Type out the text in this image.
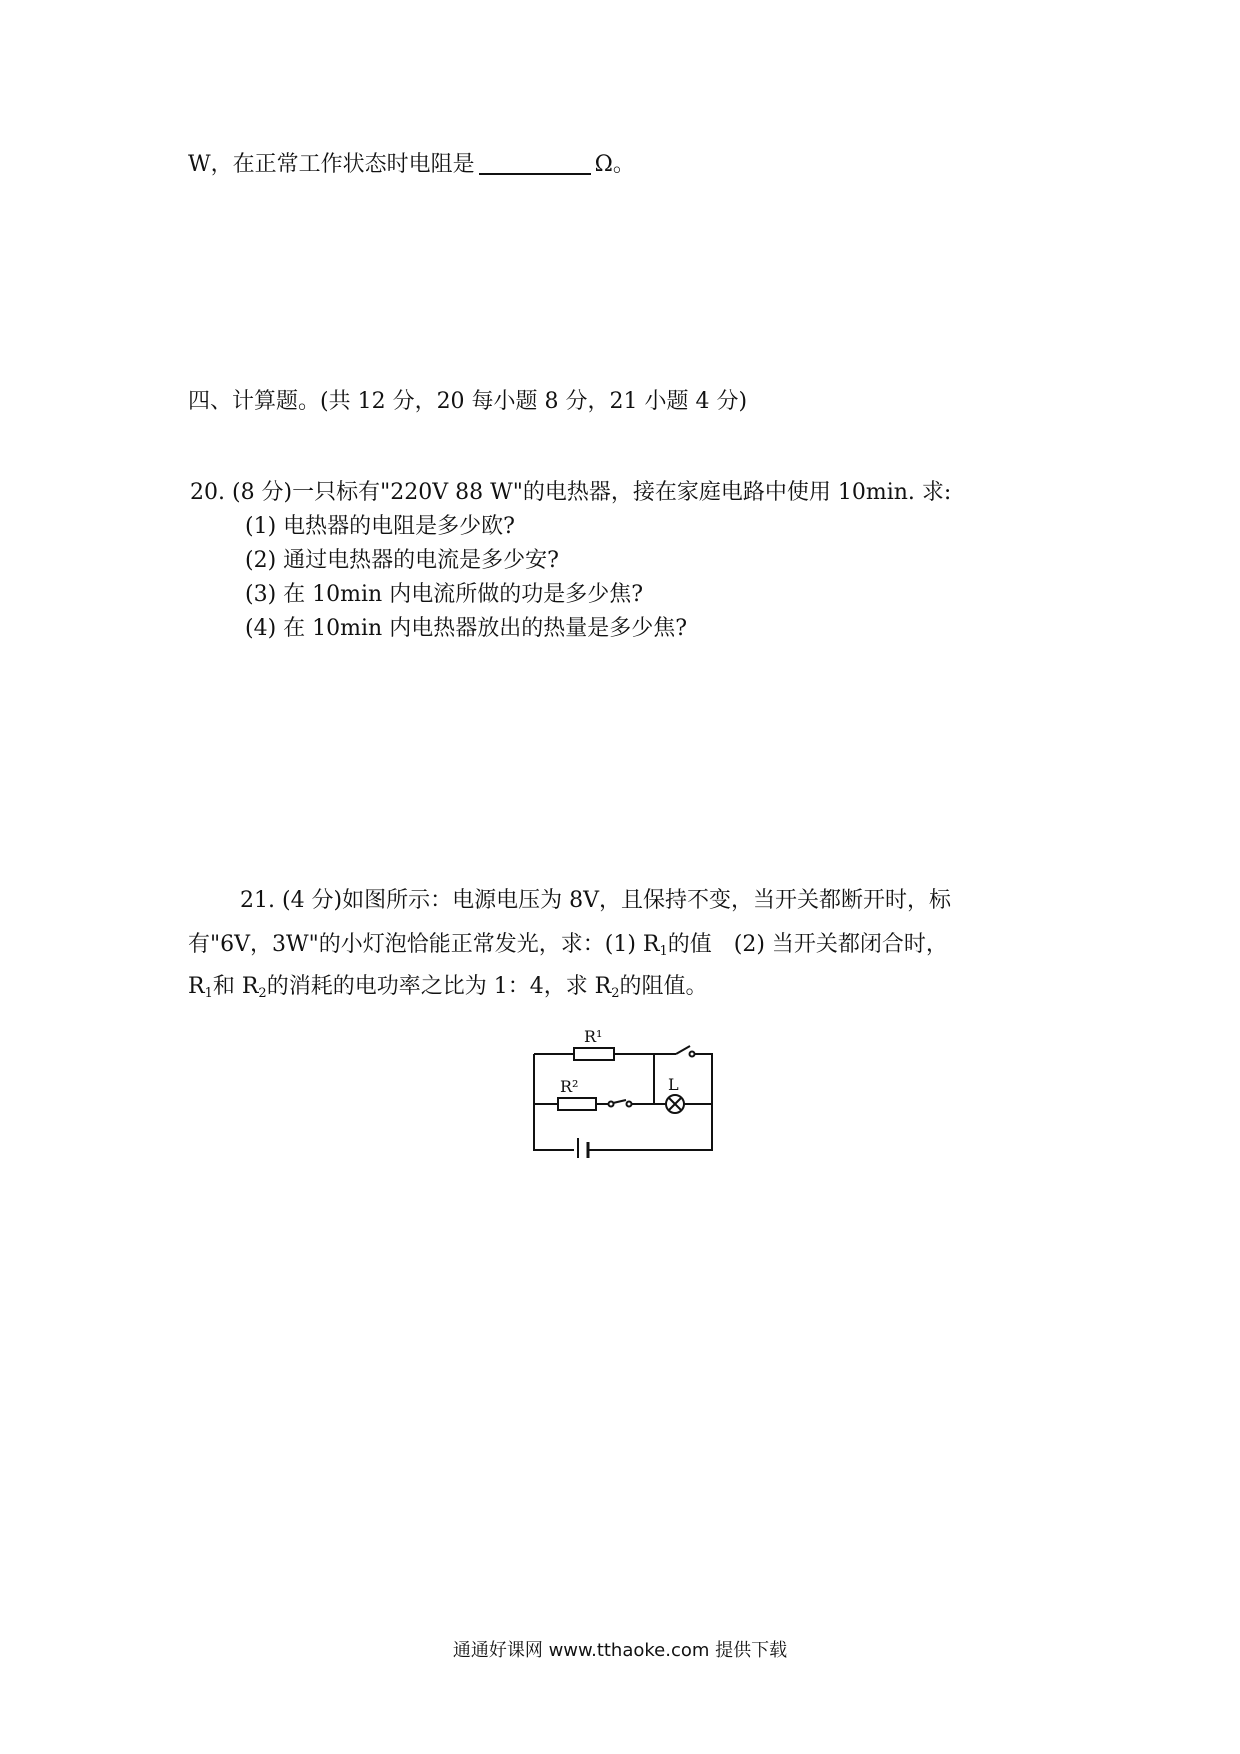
W，在正常工作状态时电阻是	Ω。
四、计算题。(共 12 分，20 每小题 8 分，21 小题 4 分)
20. (8 分)一只标有"220V 88 W"的电热器，接在家庭电路中使用 10min. 求:
(1) 电热器的电阻是多少欧?
(2) 通过电热器的电流是多少安?
(3) 在 10min 内电流所做的功是多少焦?
(4) 在 10min 内电热器放出的热量是多少焦?
21. (4 分)如图所示：电源电压为 8V，且保持不变，当开关都断开时，标
有"6V，3W"的小灯泡恰能正常发光，求：(1) $R_1$的值　(2) 当开关都闭合时，
$R_1$和 $R_2$的消耗的电功率之比为 1：4，求 $R_2$的阻值。
R¹
R²	L
通通好课网 www.tthaoke.com 提供下载
